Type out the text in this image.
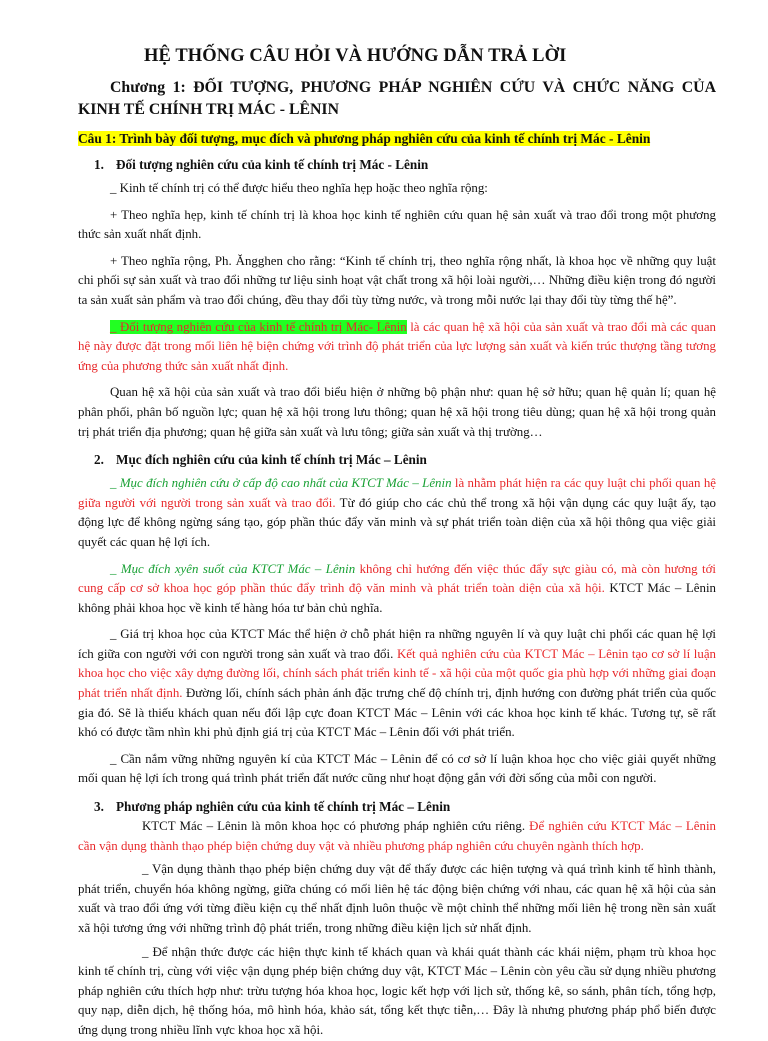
HỆ THỐNG CÂU HỎI VÀ HƯỚNG DẪN TRẢ LỜI

Chương 1: ĐỐI TƯỢNG, PHƯƠNG PHÁP NGHIÊN CỨU VÀ CHỨC NĂNG CỦA KINH TẾ CHÍNH TRỊ MÁC - LÊNIN

Câu 1: Trình bày đối tượng, mục đích và phương pháp nghiên cứu của kinh tế chính trị Mác - Lênin

1. Đối tượng nghiên cứu của kinh tế chính trị Mác - Lênin

_ Kinh tế chính trị có thể được hiểu theo nghĩa hẹp hoặc theo nghĩa rộng:

+ Theo nghĩa hẹp, kinh tế chính trị là khoa học kinh tế nghiên cứu quan hệ sản xuất và trao đổi trong một phương thức sản xuất nhất định.

+ Theo nghĩa rộng, Ph. Ăngghen cho rằng: “Kinh tế chính trị, theo nghĩa rộng nhất, là khoa học về những quy luật chi phối sự sản xuất và trao đổi những tư liệu sinh hoạt vật chất trong xã hội loài người,… Những điều kiện trong đó người ta sản xuất sản phẩm và trao đổi chúng, đều thay đổi tùy từng nước, và trong mỗi nước lại thay đổi tùy từng thế hệ”.

_ Đối tượng nghiên cứu của kinh tế chính trị Mác- Lênin là các quan hệ xã hội của sản xuất và trao đổi mà các quan hệ này được đặt trong mối liên hệ biện chứng với trình độ phát triển của lực lượng sản xuất và kiến trúc thượng tầng tương ứng của phương thức sản xuất nhất định.

Quan hệ xã hội của sản xuất và trao đổi biểu hiện ở những bộ phận như: quan hệ sở hữu; quan hệ quản lí; quan hệ phân phối, phân bố nguồn lực; quan hệ xã hội trong lưu thông; quan hệ xã hội trong tiêu dùng; quan hệ xã hội trong quản trị phát triển địa phương; quan hệ giữa sản xuất và lưu tông; giữa sản xuất và thị trường…

2. Mục đích nghiên cứu của kinh tế chính trị Mác – Lênin

_ Mục đích nghiên cứu ở cấp độ cao nhất của KTCT Mác – Lênin là nhằm phát hiện ra các quy luật chi phối quan hệ giữa người với người trong sản xuất và trao đổi. Từ đó giúp cho các chủ thể trong xã hội vận dụng các quy luật ấy, tạo động lực để không ngừng sáng tạo, góp phần thúc đẩy văn minh và sự phát triển toàn diện của xã hội thông qua việc giải quyết các quan hệ lợi ích.

_ Mục đích xyên suốt của KTCT Mác – Lênin không chỉ hướng đến việc thúc đẩy sực giàu có, mà còn hương tới cung cấp cơ sở khoa học góp phần thúc đẩy trình độ văn minh và phát triển toàn diện của xã hội. KTCT Mác – Lênin không phải khoa học về kinh tế hàng hóa tư bản chủ nghĩa.

_ Giá trị khoa học của KTCT Mác thể hiện ở chỗ phát hiện ra những nguyên lí và quy luật chi phối các quan hệ lợi ích giữa con người với con người trong sản xuất và trao đổi. Kết quả nghiên cứu của KTCT Mác – Lênin tạo cơ sở lí luận khoa học cho việc xây dựng đường lối, chính sách phát triển kinh tế - xã hội của một quốc gia phù hợp với những giai đoạn phát triển nhất định. Đường lối, chính sách phản ánh đặc trưng chế độ chính trị, định hướng con đường phát triển của quốc gia đó. Sẽ là thiếu khách quan nếu đối lập cực đoan KTCT Mác – Lênin với các khoa học kinh tế khác. Tương tự, sẽ rất khó có được tầm nhìn khi phủ định giá trị của KTCT Mác – Lênin đối với phát triển.

_ Cần nắm vững những nguyên kí của KTCT Mác – Lênin để có cơ sở lí luận khoa học cho việc giải quyết những mối quan hệ lợi ích trong quá trình phát triển đất nước cũng như hoạt động gắn với đời sống của mỗi con người.

3. Phương pháp nghiên cứu của kinh tế chính trị Mác – Lênin

KTCT Mác – Lênin là môn khoa học có phương pháp nghiên cứu riêng. Để nghiên cứu KTCT Mác – Lênin cần vận dụng thành thạo phép biện chứng duy vật và nhiều phương pháp nghiên cứu chuyên ngành thích hợp.

_ Vận dụng thành thạo phép biện chứng duy vật để thấy được các hiện tượng và quá trình kinh tế hình thành, phát triển, chuyển hóa không ngừng, giữa chúng có mối liên hệ tác động biện chứng với nhau, các quan hệ xã hội của sản xuất và trao đổi ứng với từng điều kiện cụ thể nhất định luôn thuộc về một chỉnh thể những mối liên hệ trong nền sản xuất xã hội tương ứng với những trình độ phát triển, trong những điều kiện lịch sử nhất định.

_ Để nhận thức được các hiện thực kinh tế khách quan và khái quát thành các khái niệm, phạm trù khoa học kinh tế chính trị, cùng với việc vận dụng phép biện chứng duy vật, KTCT Mác – Lênin còn yêu cầu sử dụng nhiều phương pháp nghiên cứu thích hợp như: trừu tượng hóa khoa học, logic kết hợp với lịch sử, thống kê, so sánh, phân tích, tổng hợp, quy nạp, diễn dịch, hệ thống hóa, mô hình hóa, khảo sát, tổng kết thực tiễn,… Đây là nhưng phương pháp phổ biến được ứng dụng trong nhiều lĩnh vực khoa học xã hội.
